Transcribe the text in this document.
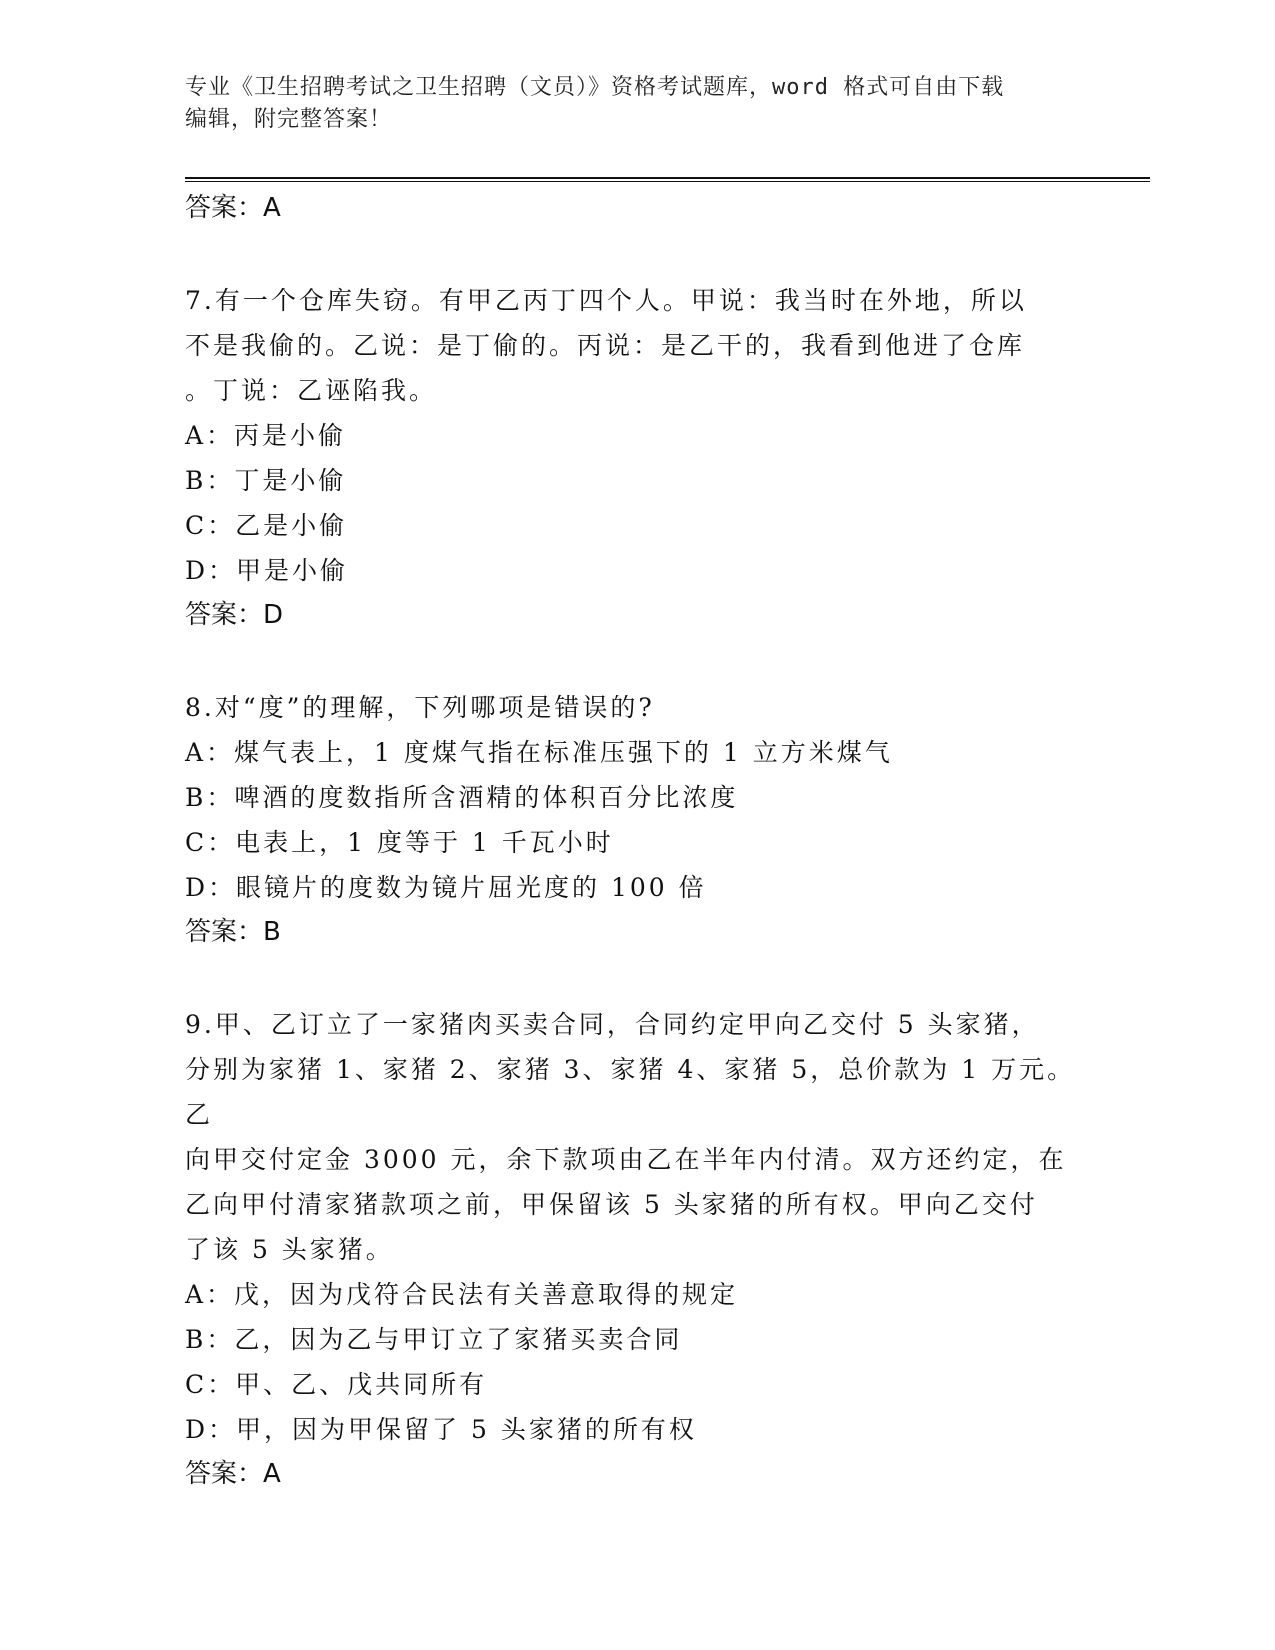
专业《卫生招聘考试之卫生招聘（文员）》资格考试题库，word 格式可自由下载
编辑，附完整答案！
答案：A
7.有一个仓库失窃。有甲乙丙丁四个人。甲说：我当时在外地，所以
不是我偷的。乙说：是丁偷的。丙说：是乙干的，我看到他进了仓库
。丁说：乙诬陷我。
A：丙是小偷
B：丁是小偷
C：乙是小偷
D：甲是小偷
答案：D
8.对“度”的理解，下列哪项是错误的?
A：煤气表上，1 度煤气指在标准压强下的 1 立方米煤气
B：啤酒的度数指所含酒精的体积百分比浓度
C：电表上，1 度等于 1 千瓦小时
D：眼镜片的度数为镜片屈光度的 100 倍
答案：B
9.甲、乙订立了一家猪肉买卖合同，合同约定甲向乙交付 5 头家猪，
分别为家猪 1、家猪 2、家猪 3、家猪 4、家猪 5，总价款为 1 万元。乙
向甲交付定金 3000 元，余下款项由乙在半年内付清。双方还约定，在
乙向甲付清家猪款项之前，甲保留该 5 头家猪的所有权。甲向乙交付
了该 5 头家猪。
A：戊，因为戊符合民法有关善意取得的规定
B：乙，因为乙与甲订立了家猪买卖合同
C：甲、乙、戊共同所有
D：甲，因为甲保留了 5 头家猪的所有权
答案：A
